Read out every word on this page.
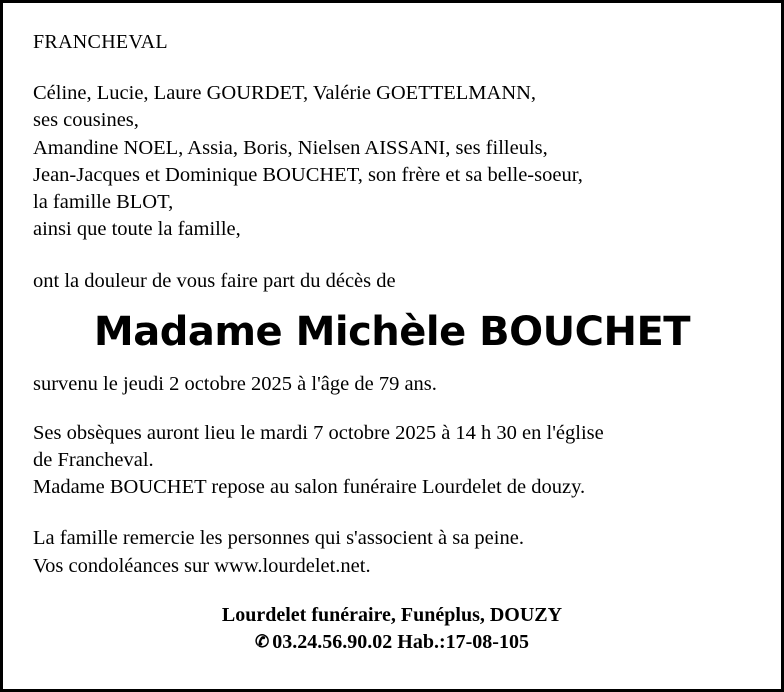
FRANCHEVAL
Céline, Lucie, Laure GOURDET, Valérie GOETTELMANN,
ses cousines,
Amandine NOEL, Assia, Boris, Nielsen AISSANI, ses filleuls,
Jean-Jacques et Dominique BOUCHET, son frère et sa belle-soeur,
la famille BLOT,
ainsi que toute la famille,
ont la douleur de vous faire part du décès de
Madame Michèle BOUCHET
survenu le jeudi 2 octobre 2025 à l'âge de 79 ans.
Ses obsèques auront lieu le mardi 7 octobre 2025 à 14 h 30 en l'église
de Francheval.
Madame BOUCHET repose au salon funéraire Lourdelet de douzy.
La famille remercie les personnes qui s'associent à sa peine.
Vos condoléances sur www.lourdelet.net.
Lourdelet funéraire, Funéplus, DOUZY
✆ 03.24.56.90.02 Hab.:17-08-105
